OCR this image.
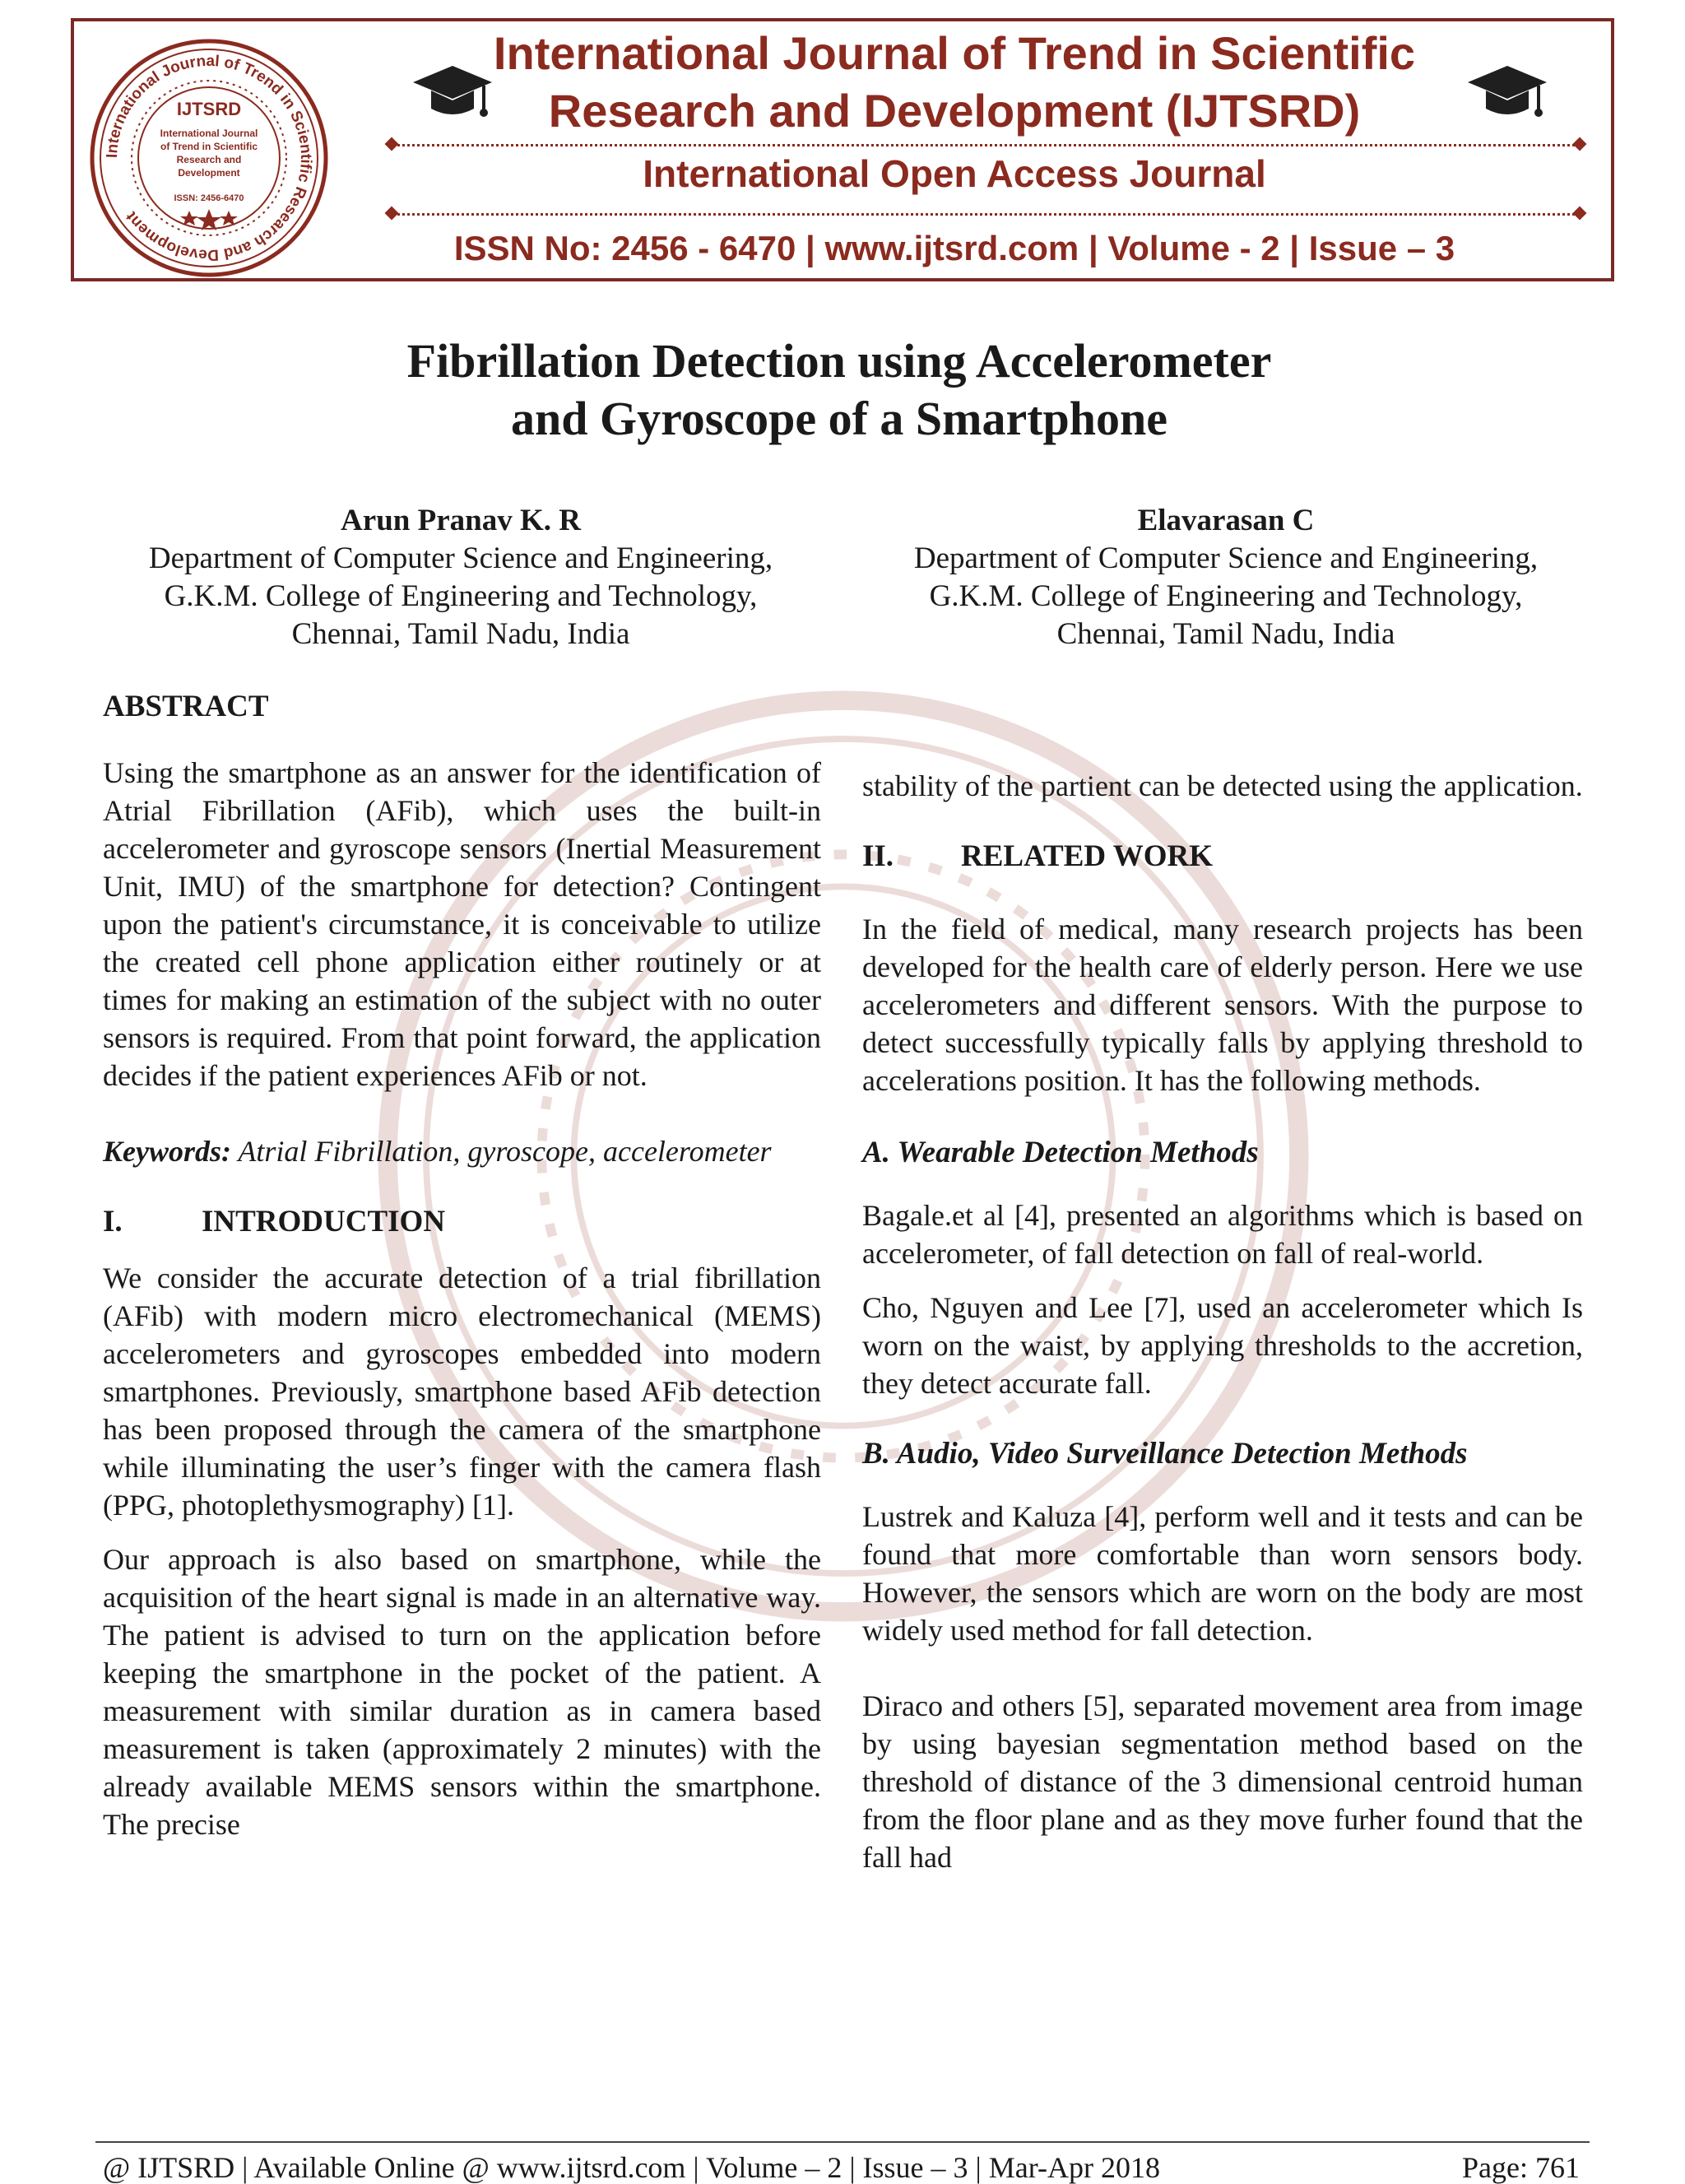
International Journal of Trend in Scientific Research and Development
IJTSRD
International Journal
of Trend in Scientific
Research and
Development
ISSN: 2456-6470
International Journal of Trend in Scientific
Research and Development (IJTSRD)
International Open Access Journal
ISSN No: 2456 - 6470 | www.ijtsrd.com | Volume - 2 | Issue – 3
Fibrillation Detection using Accelerometer
and Gyroscope of a Smartphone
Arun Pranav K. R
Department of Computer Science and Engineering,
G.K.M. College of Engineering and Technology,
Chennai, Tamil Nadu, India
Elavarasan C
Department of Computer Science and Engineering,
G.K.M. College of Engineering and Technology,
Chennai, Tamil Nadu, India
ABSTRACT

Using the smartphone as an answer for the identification of Atrial Fibrillation (AFib), which uses the built-in accelerometer and gyroscope sensors (Inertial Measurement Unit, IMU) of the smartphone for detection? Contingent upon the patient's circumstance, it is conceivable to utilize the created cell phone application either routinely or at times for making an estimation of the subject with no outer sensors is required. From that point forward, the application decides if the patient experiences AFib or not.

Keywords: Atrial Fibrillation, gyroscope, accelerometer

I.	INTRODUCTION

We consider the accurate detection of a trial fibrillation (AFib) with modern micro electromechanical (MEMS) accelerometers and gyroscopes embedded into modern smartphones. Previously, smartphone based AFib detection has been proposed through the camera of the smartphone while illuminating the user’s finger with the camera flash (PPG, photoplethysmography) [1].

Our approach is also based on smartphone, while the acquisition of the heart signal is made in an alternative way. The patient is advised to turn on the application before keeping the smartphone in the pocket of the patient. A measurement with similar duration as in camera based measurement is taken (approximately 2 minutes) with the already available MEMS sensors within the smartphone. The precise

stability of the partient can be detected using the application.

II. RELATED WORK

In the field of medical, many research projects has been developed for the health care of elderly person. Here we use accelerometers and different sensors. With the purpose to detect successfully typically falls by applying threshold to accelerations position. It has the following methods.

A. Wearable Detection Methods

Bagale.et al [4], presented an algorithms which is based on accelerometer, of fall detection on fall of real-world.

Cho, Nguyen and Lee [7], used an accelerometer which Is worn on the waist, by applying thresholds to the accretion, they detect accurate fall.

B. Audio, Video Surveillance Detection Methods

Lustrek and Kaluza [4], perform well and it tests and can be found that more comfortable than worn sensors body. However, the sensors which are worn on the body are most widely used method for fall detection.

Diraco and others [5], separated movement area from image by using bayesian segmentation method based on the threshold of distance of the 3 dimensional centroid human from the floor plane and as they move furher found that the fall had

@ IJTSRD | Available Online @ www.ijtsrd.com | Volume – 2 | Issue – 3 | Mar-Apr 2018	Page: 761
